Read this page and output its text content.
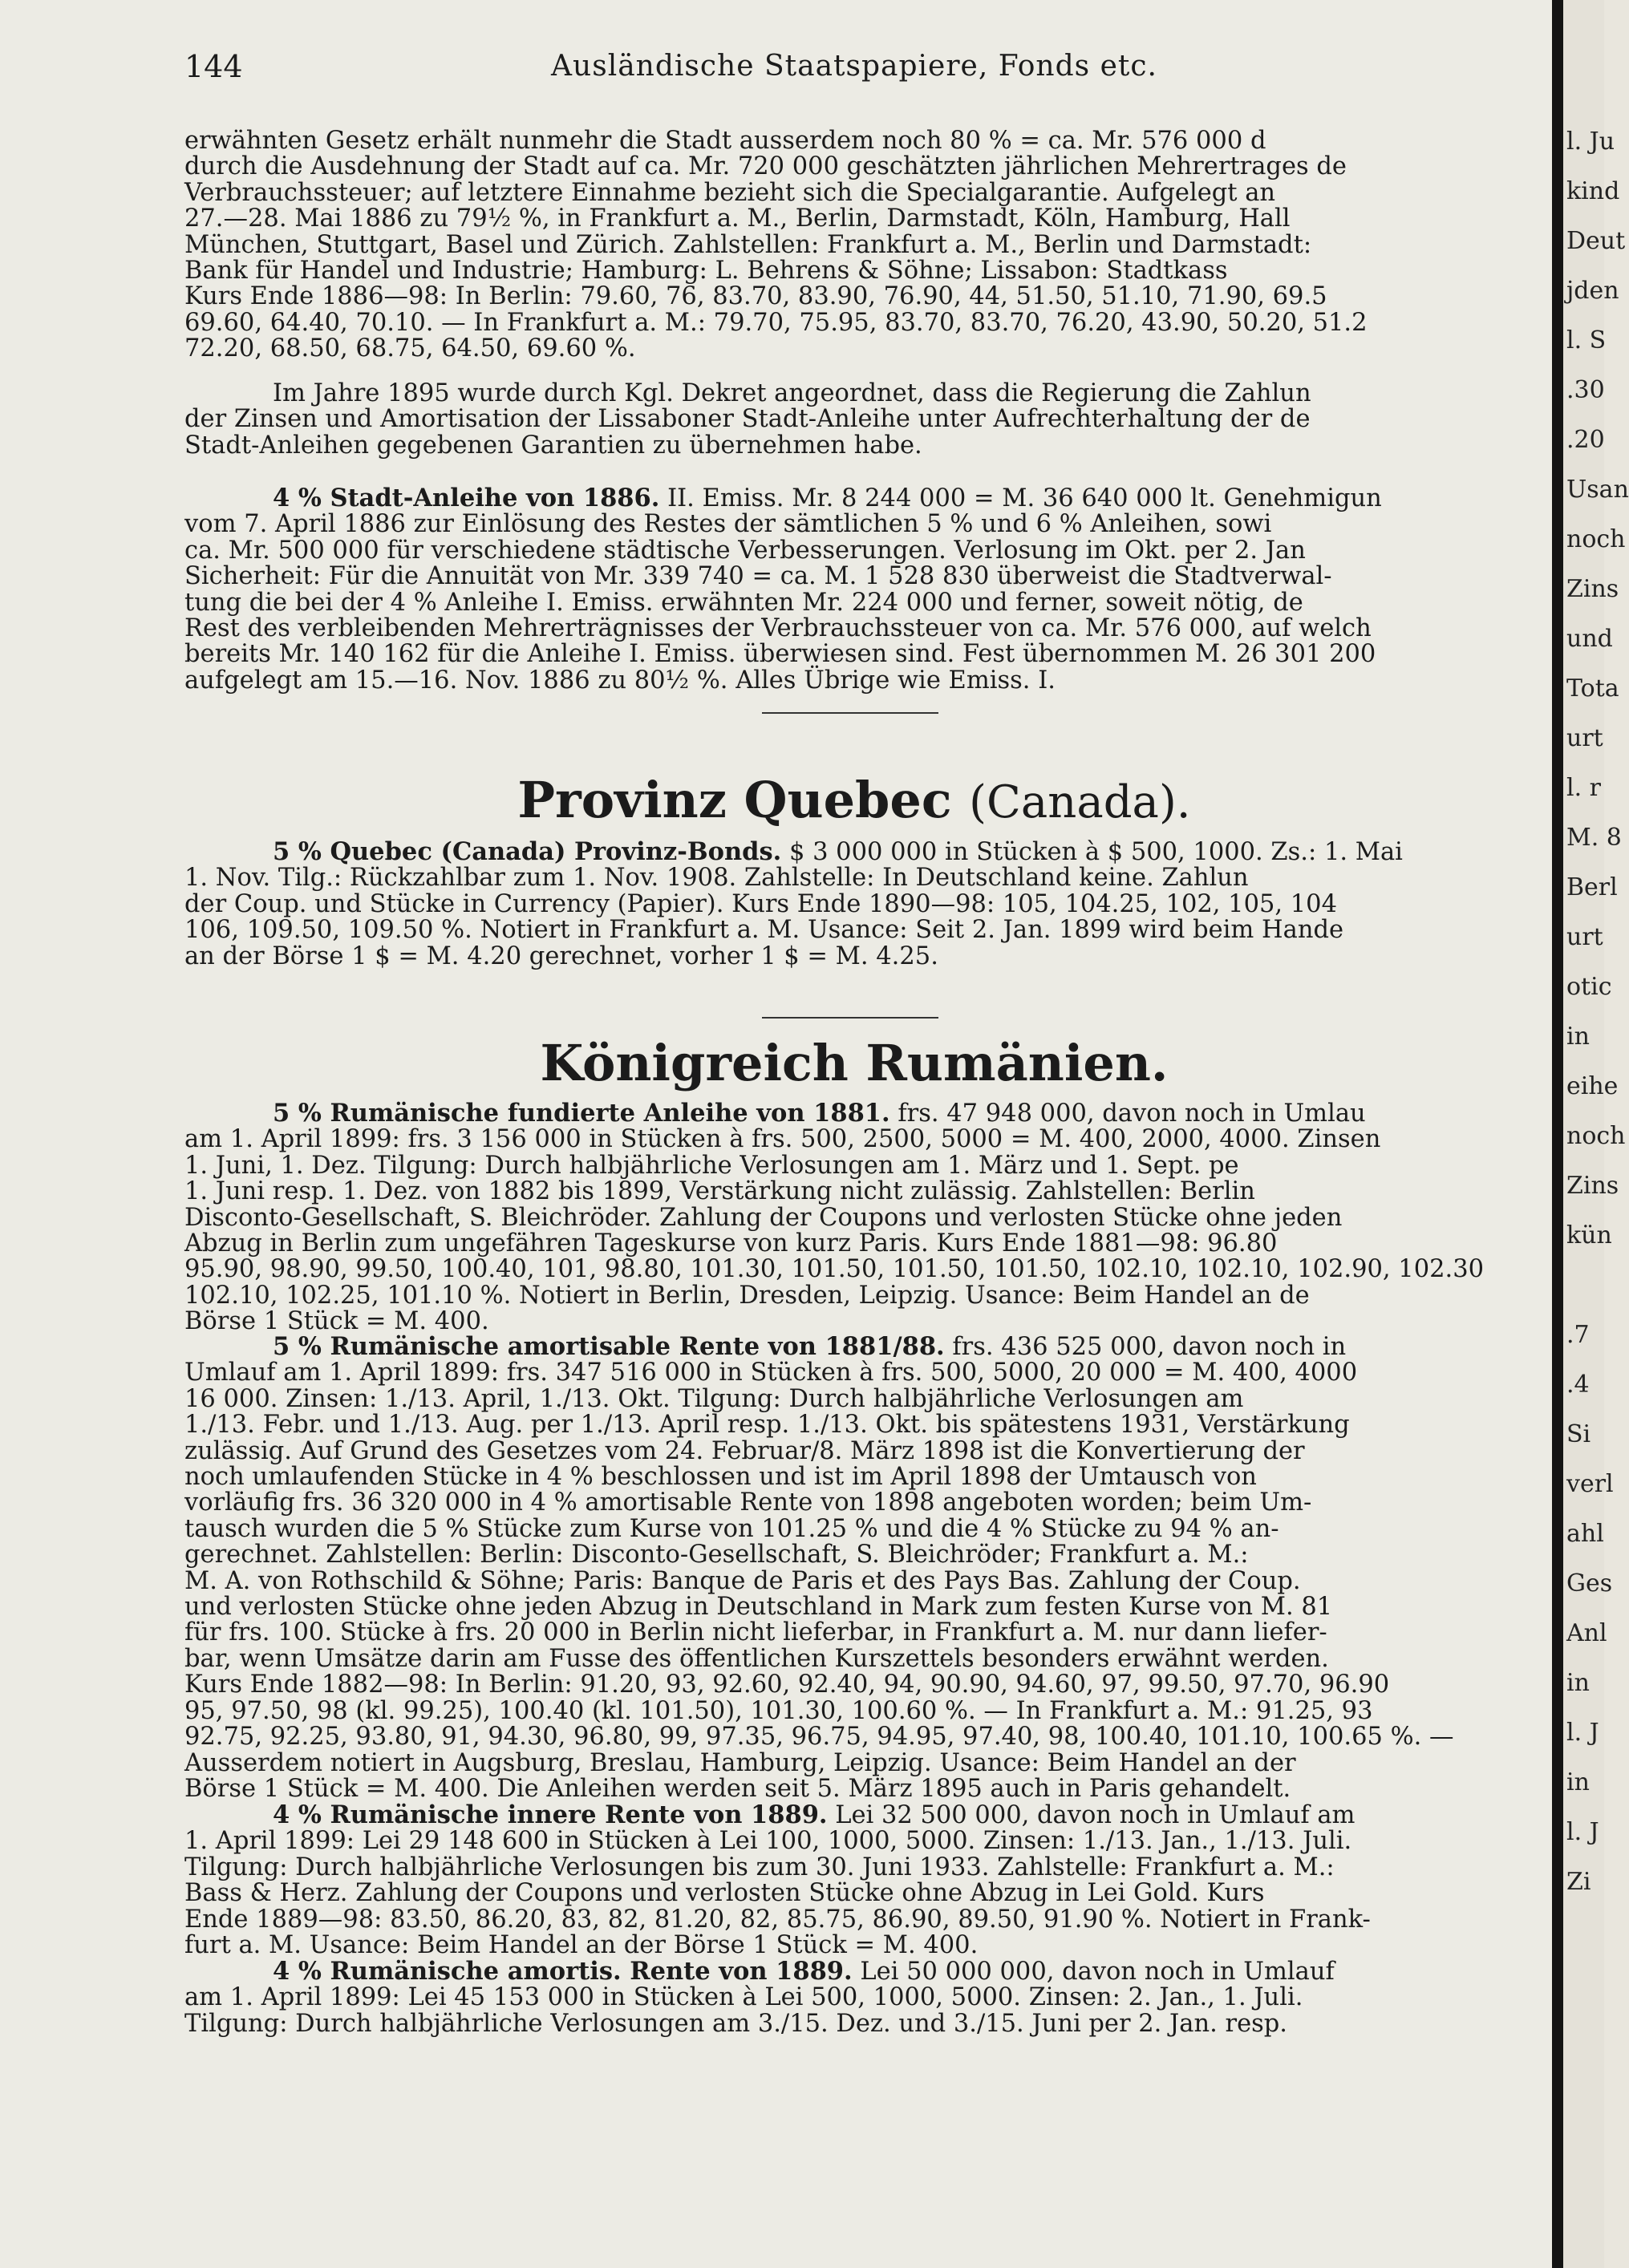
144	Ausländische Staatspapiere, Fonds etc.

erwähnten Gesetz erhält nunmehr die Stadt ausserdem noch 80 % = ca. Mr. 576 000 d

durch die Ausdehnung der Stadt auf ca. Mr. 720 000 geschätzten jährlichen Mehrertrages de

Verbrauchssteuer; auf letztere Einnahme bezieht sich die Specialgarantie. Aufgelegt an

27.—28. Mai 1886 zu 79½ %, in Frankfurt a. M., Berlin, Darmstadt, Köln, Hamburg, Hall

München, Stuttgart, Basel und Zürich. Zahlstellen: Frankfurt a. M., Berlin und Darmstadt:

Bank für Handel und Industrie; Hamburg: L. Behrens & Söhne; Lissabon: Stadtkass

Kurs Ende 1886—98: In Berlin: 79.60, 76, 83.70, 83.90, 76.90, 44, 51.50, 51.10, 71.90, 69.5

69.60, 64.40, 70.10. — In Frankfurt a. M.: 79.70, 75.95, 83.70, 83.70, 76.20, 43.90, 50.20, 51.2

72.20, 68.50, 68.75, 64.50, 69.60 %.

Im Jahre 1895 wurde durch Kgl. Dekret angeordnet, dass die Regierung die Zahlun

der Zinsen und Amortisation der Lissaboner Stadt-Anleihe unter Aufrechterhaltung der de

Stadt-Anleihen gegebenen Garantien zu übernehmen habe.

4 % Stadt-Anleihe von 1886. II. Emiss. Mr. 8 244 000 = M. 36 640 000 lt. Genehmigun

vom 7. April 1886 zur Einlösung des Restes der sämtlichen 5 % und 6 % Anleihen, sowi

ca. Mr. 500 000 für verschiedene städtische Verbesserungen. Verlosung im Okt. per 2. Jan

Sicherheit: Für die Annuität von Mr. 339 740 = ca. M. 1 528 830 überweist die Stadtverwal-

tung die bei der 4 % Anleihe I. Emiss. erwähnten Mr. 224 000 und ferner, soweit nötig, de

Rest des verbleibenden Mehrerträgnisses der Verbrauchssteuer von ca. Mr. 576 000, auf welch

bereits Mr. 140 162 für die Anleihe I. Emiss. überwiesen sind. Fest übernommen M. 26 301 200

aufgelegt am 15.—16. Nov. 1886 zu 80½ %. Alles Übrige wie Emiss. I.

Provinz Quebec (Canada).

5 % Quebec (Canada) Provinz-Bonds. $ 3 000 000 in Stücken à $ 500, 1000. Zs.: 1. Mai

1. Nov. Tilg.: Rückzahlbar zum 1. Nov. 1908. Zahlstelle: In Deutschland keine. Zahlun

der Coup. und Stücke in Currency (Papier). Kurs Ende 1890—98: 105, 104.25, 102, 105, 104

106, 109.50, 109.50 %. Notiert in Frankfurt a. M. Usance: Seit 2. Jan. 1899 wird beim Hande

an der Börse 1 $ = M. 4.20 gerechnet, vorher 1 $ = M. 4.25.

Königreich Rumänien.

5 % Rumänische fundierte Anleihe von 1881. frs. 47 948 000, davon noch in Umlau

am 1. April 1899: frs. 3 156 000 in Stücken à frs. 500, 2500, 5000 = M. 400, 2000, 4000. Zinsen

1. Juni, 1. Dez. Tilgung: Durch halbjährliche Verlosungen am 1. März und 1. Sept. pe

1. Juni resp. 1. Dez. von 1882 bis 1899, Verstärkung nicht zulässig. Zahlstellen: Berlin

Disconto-Gesellschaft, S. Bleichröder. Zahlung der Coupons und verlosten Stücke ohne jeden

Abzug in Berlin zum ungefähren Tageskurse von kurz Paris. Kurs Ende 1881—98: 96.80

95.90, 98.90, 99.50, 100.40, 101, 98.80, 101.30, 101.50, 101.50, 101.50, 102.10, 102.10, 102.90, 102.30

102.10, 102.25, 101.10 %. Notiert in Berlin, Dresden, Leipzig. Usance: Beim Handel an de

Börse 1 Stück = M. 400.

5 % Rumänische amortisable Rente von 1881/88. frs. 436 525 000, davon noch in

Umlauf am 1. April 1899: frs. 347 516 000 in Stücken à frs. 500, 5000, 20 000 = M. 400, 4000

16 000. Zinsen: 1./13. April, 1./13. Okt. Tilgung: Durch halbjährliche Verlosungen am

1./13. Febr. und 1./13. Aug. per 1./13. April resp. 1./13. Okt. bis spätestens 1931, Verstärkung

zulässig. Auf Grund des Gesetzes vom 24. Februar/8. März 1898 ist die Konvertierung der

noch umlaufenden Stücke in 4 % beschlossen und ist im April 1898 der Umtausch von

vorläufig frs. 36 320 000 in 4 % amortisable Rente von 1898 angeboten worden; beim Um-

tausch wurden die 5 % Stücke zum Kurse von 101.25 % und die 4 % Stücke zu 94 % an-

gerechnet. Zahlstellen: Berlin: Disconto-Gesellschaft, S. Bleichröder; Frankfurt a. M.:

M. A. von Rothschild & Söhne; Paris: Banque de Paris et des Pays Bas. Zahlung der Coup.

und verlosten Stücke ohne jeden Abzug in Deutschland in Mark zum festen Kurse von M. 81

für frs. 100. Stücke à frs. 20 000 in Berlin nicht lieferbar, in Frankfurt a. M. nur dann liefer-

bar, wenn Umsätze darin am Fusse des öffentlichen Kurszettels besonders erwähnt werden.

Kurs Ende 1882—98: In Berlin: 91.20, 93, 92.60, 92.40, 94, 90.90, 94.60, 97, 99.50, 97.70, 96.90

95, 97.50, 98 (kl. 99.25), 100.40 (kl. 101.50), 101.30, 100.60 %. — In Frankfurt a. M.: 91.25, 93

92.75, 92.25, 93.80, 91, 94.30, 96.80, 99, 97.35, 96.75, 94.95, 97.40, 98, 100.40, 101.10, 100.65 %. —

Ausserdem notiert in Augsburg, Breslau, Hamburg, Leipzig. Usance: Beim Handel an der

Börse 1 Stück = M. 400. Die Anleihen werden seit 5. März 1895 auch in Paris gehandelt.

4 % Rumänische innere Rente von 1889. Lei 32 500 000, davon noch in Umlauf am

1. April 1899: Lei 29 148 600 in Stücken à Lei 100, 1000, 5000. Zinsen: 1./13. Jan., 1./13. Juli.

Tilgung: Durch halbjährliche Verlosungen bis zum 30. Juni 1933. Zahlstelle: Frankfurt a. M.:

Bass & Herz. Zahlung der Coupons und verlosten Stücke ohne Abzug in Lei Gold. Kurs

Ende 1889—98: 83.50, 86.20, 83, 82, 81.20, 82, 85.75, 86.90, 89.50, 91.90 %. Notiert in Frank-

furt a. M. Usance: Beim Handel an der Börse 1 Stück = M. 400.

4 % Rumänische amortis. Rente von 1889. Lei 50 000 000, davon noch in Umlauf

am 1. April 1899: Lei 45 153 000 in Stücken à Lei 500, 1000, 5000. Zinsen: 2. Jan., 1. Juli.

Tilgung: Durch halbjährliche Verlosungen am 3./15. Dez. und 3./15. Juni per 2. Jan. resp.

l. Ju
kind
Deut
jden
l. S
.30
.20
Usan
noch
Zins
und
Tota
urt
l. r
M. 8
Berl
urt
otic
in
eihe
noch
Zins
kün
.7
.4
Si
verl
ahl
Ges
Anl
in
l. J
in
l. J
Zi
